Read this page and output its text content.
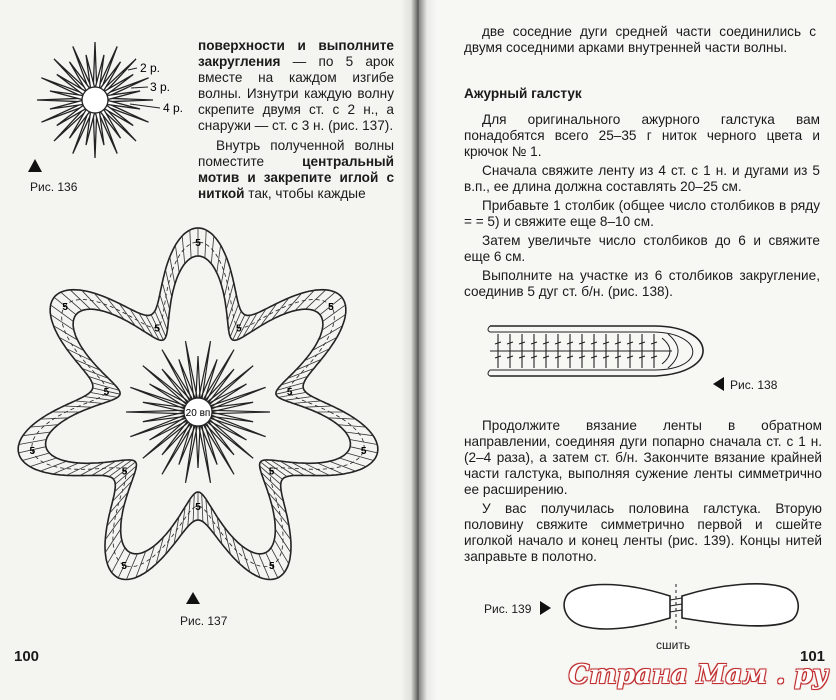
2 р.
3 р.
4 р.
Рис. 136

поверхности и выполните закругления — по 5 арок вместе на каждом изгибе волны. Изнутри каждую волну скрепите двумя ст. с 2 н., а снаружи — ст. с 3 н. (рис. 137).

Внутрь полученной волны поместите центральный мотив и закрепите иглой с ниткой так, чтобы каждые

20 вп
5
5
5
5
5
5
5
5
5
5
5
5
5
5
Рис. 137
100

две соседние дуги средней части соединились с двумя соседними арками внутренней части волны.

Ажурный галстук

Для оригинального ажурного галстука вам понадобятся всего 25–35 г ниток черного цвета и крючок № 1.

Сначала свяжите ленту из 4 ст. с 1 н. и дугами из 5 в.п., ее длина должна составлять 20–25 см.

Прибавьте 1 столбик (общее число столбиков в ряду = = 5) и свяжите еще 8–10 см.

Затем увеличьте число столбиков до 6 и свяжите еще 6 см.

Выполните на участке из 6 столбиков закругление, соединив 5 дуг ст. б/н. (рис. 138).

Рис. 138

Продолжите вязание ленты в обратном направлении, соединяя дуги попарно сначала ст. с 1 н. (2–4 раза), а затем ст. б/н. Закончите вязание крайней части галстука, выполняя сужение ленты симметрично ее расширению.

У вас получилась половина галстука. Вторую половину свяжите симметрично первой и сшейте иголкой начало и конец ленты (рис. 139). Концы нитей заправьте в полотно.

Рис. 139
сшить
101
Страна Мам . ру
